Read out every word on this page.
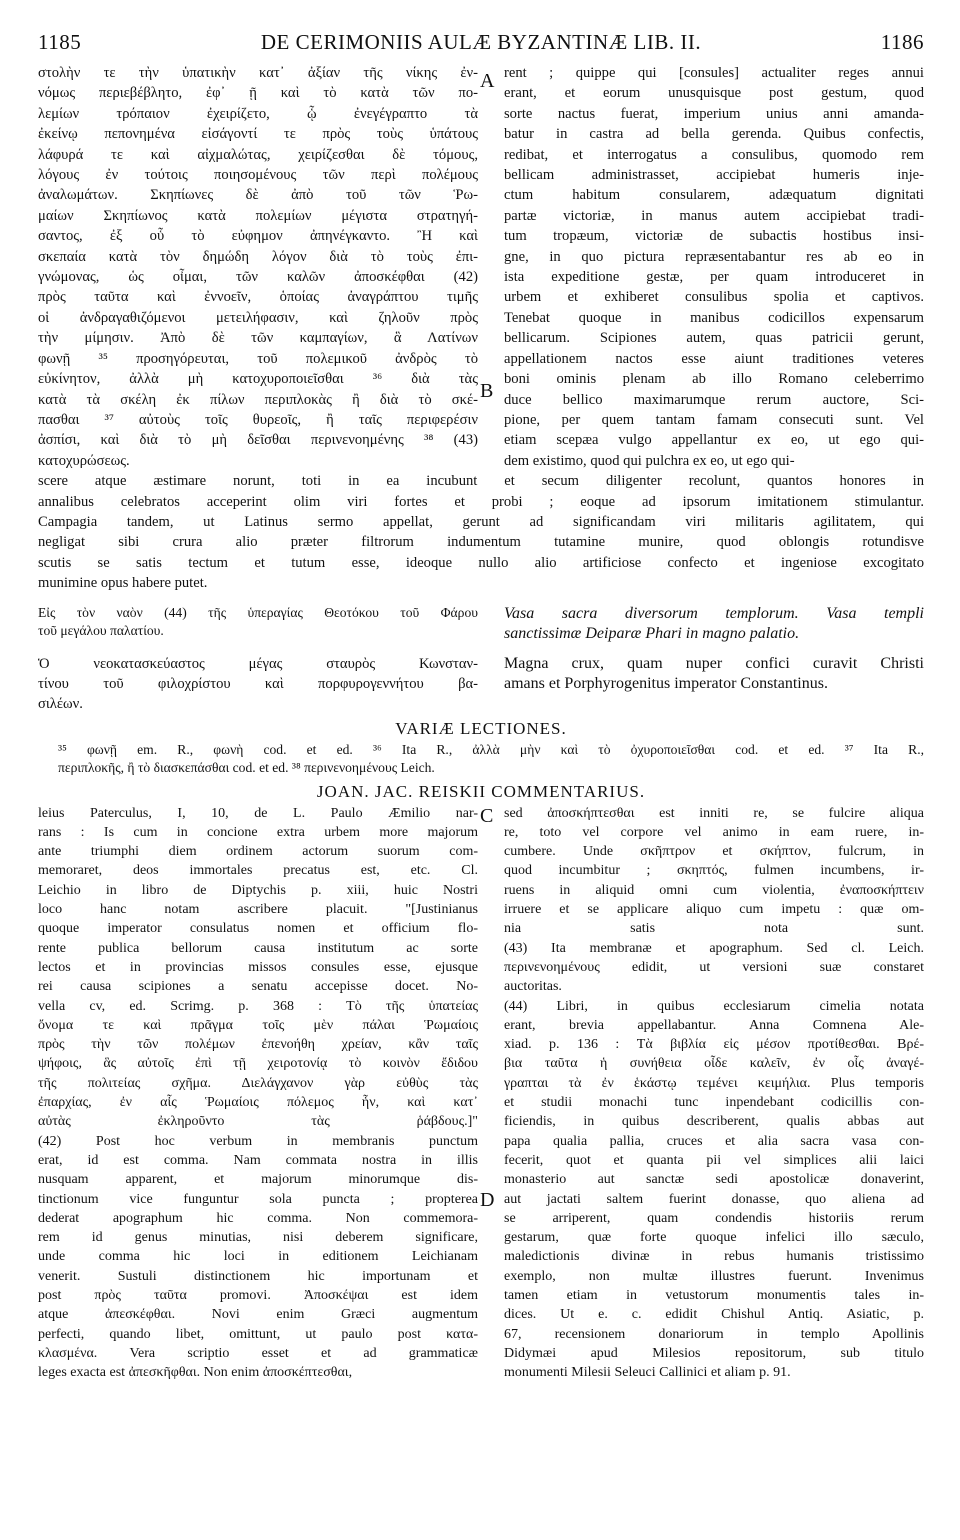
1185	DE CERIMONIIS AULÆ BYZANTINÆ LIB. II.	1186
στολὴν τε τὴν ὑπατικὴν κατ᾽ ἀξίαν τῆς νίκης ἐν-
νόμως περιεβέβλητο, ἐφ᾽ ῇ καὶ τὸ κατὰ τῶν πο-
λεμίων τρόπαιον ἐχειρίζετο, ᾧ ἐνεγέγραπτο τὰ
ἐκείνῳ πεπονημένα εἰσάγοντί τε πρὸς τοὺς ὑπάτους
λάφυρά τε καὶ αἰχμαλώτας, χειρίζεσθαι δὲ τόμους,
λόγους ἐν τούτοις ποιησομένους τῶν περὶ πολέμους
ἀναλωμάτων. Σκηπίωνες δὲ ἀπὸ τοῦ τῶν Ῥω-
μαίων Σκηπίωνος κατὰ πολεμίων μέγιστα στρατηγή-
σαντος, ἐξ οὗ τὸ εὐφημον ἀπηνέγκαντο. Ἢ καὶ
σκεπαία κατὰ τὸν δημώδη λόγον διὰ τὸ τοὺς ἐπι-
γνώμονας, ὡς οἶμαι, τῶν καλῶν ἀποσκέφθαι (42)
πρὸς ταῦτα καὶ ἐννοεῖν, ὁποίας ἀναγράπτου τιμῆς
οἱ ἀνδραγαθιζόμενοι μετειλήφασιν, καὶ ζηλοῦν πρὸς
τὴν μίμησιν. Ἀπὸ δὲ τῶν καμπαγίων, ἃ Λατίνων
φωνῇ ³⁵ προσηγόρευται, τοῦ πολεμικοῦ ἀνδρὸς τὸ
εὐκίνητον, ἀλλὰ μὴ κατοχυροποιεῖσθαι ³⁶ διὰ τὰς
κατὰ τὰ σκέλη ἐκ πίλων περιπλοκὰς ἢ διὰ τὸ σκέ-
πασθαι ³⁷ αὐτοὺς τοῖς θυρεοῖς, ἢ ταῖς περιφερέσιν
ἀσπίσι, καὶ διὰ τὸ μὴ δεῖσθαι περινενοημένης ³⁸ (43)
κατοχυρώσεως.
A
B
rent ; quippe qui [consules] actualiter reges annui
erant, et eorum unusquisque post gestum, quod
sorte nactus fuerat, imperium unius anni amanda-
batur in castra ad bella gerenda. Quibus confectis,
redibat, et interrogatus a consulibus, quomodo rem
bellicam administrasset, accipiebat humeris inje-
ctum habitum consularem, adæquatum dignitati
partæ victoriæ, in manus autem accipiebat tradi-
tum tropæum, victoriæ de subactis hostibus insi-
gne, in quo pictura repræsentabantur res ab eo in
ista expeditione gestæ, per quam introduceret in
urbem et exhiberet consulibus spolia et captivos.
Tenebat quoque in manibus codicillos expensarum
bellicarum. Scipiones autem, quas patricii gerunt,
appellationem nactos esse aiunt traditiones veteres
boni ominis plenam ab illo Romano celeberrimo
duce bellico maximarumque rerum auctore, Sci-
pione, per quem tantam famam consecuti sunt. Vel
etiam scepæa vulgo appellantur ex eo, ut ego qui-
dem existimo, quod qui pulchra ex eo, ut ego qui-
scere atque æstimare norunt, toti in ea incubunt et secum diligenter recolunt, quantos honores in
annalibus celebratos acceperint olim viri fortes et probi ; eoque ad ipsorum imitationem stimulantur.
Campagia tandem, ut Latinus sermo appellat, gerunt ad significandam viri militaris agilitatem, qui
negligat sibi crura alio præter filtrorum indumentum tutamine munire, quod oblongis rotundisve
scutis se satis tectum et tutum esse, ideoque nullo alio artificiose confecto et ingeniose excogitato
munimine opus habere putet.
Εἰς τὸν ναὸν (44) τῆς ὑπεραγίας Θεοτόκου τοῦ Φάρου
τοῦ μεγάλου παλατίου.
Vasa sacra diversorum templorum. Vasa templi
sanctissimæ Deiparæ Phari in magno palatio.
Ὁ νεοκατασκεύαστος μέγας σταυρὸς Κωνσταν-
τίνου τοῦ φιλοχρίστου καὶ πορφυρογεννήτου βα-
σιλέων.
Magna crux, quam nuper confici curavit Christi
amans et Porphyrogenitus imperator Constantinus.
VARIÆ LECTIONES.
³⁵ φωνῇ em. R., φωνὴ cod. et ed. ³⁶ Ita R., ἀλλὰ μὴν καὶ τὸ ὀχυροποιεῖσθαι cod. et ed. ³⁷ Ita R.,
περιπλοκῆς, ἢ τὸ διασκεπάσθαι cod. et ed. ³⁸ περινενοημένους Leich.
JOAN. JAC. REISKII COMMENTARIUS.
leius Paterculus, I, 10, de L. Paulo Æmilio nar-
rans : Is cum in concione extra urbem more majorum
ante triumphi diem ordinem actorum suorum com-
memoraret, deos immortales precatus est, etc. Cl.
Leichio in libro de Diptychis p. xiii, huic Nostri
loco hanc notam ascribere placuit. "[Justinianus
quoque imperator consulatus nomen et officium flo-
rente publica bellorum causa institutum ac sorte
lectos et in provincias missos consules esse, ejusque
rei causa scipiones a senatu accepisse docet. No-
vella cv, ed. Scrimg. p. 368 : Τὸ τῆς ὑπατείας
ὄνομα τε καὶ πρᾶγμα τοῖς μὲν πάλαι Ῥωμαίοις
πρὸς τὴν τῶν πολέμων ἐπενοήθη χρείαν, κἂν ταῖς
ψήφοις, ἃς αὐτοῖς ἐπὶ τῇ χειροτονίᾳ τὸ κοινὸν ἔδιδου
τῆς πολιτείας σχῆμα. Διελάγχανον γὰρ εὐθὺς τὰς
ἐπαρχίας, ἐν αἷς Ῥωμαίοις πόλεμος ἦν, καὶ κατ᾽
αὐτὰς ἐκληροῦντο τὰς ῥάβδους.]"
(42) Post hoc verbum in membranis punctum
erat, id est comma. Nam commata nostra in illis
nusquam apparent, et majorum minorumque dis-
tinctionum vice funguntur sola puncta ; propterea
dederat apographum hic comma. Non commemora-
rem id genus minutias, nisi deberem significare,
unde comma hic loci in editionem Leichianam
venerit. Sustuli distinctionem hic importunam et
post πρὸς ταῦτα promovi. Ἀποσκέψαι est idem
atque ἀπεσκέφθαι. Novi enim Græci augmentum
perfecti, quando libet, omittunt, ut paulo post κατα-
κλασμένα. Vera scriptio esset et ad grammaticæ
leges exacta est ἀπεσκῆφθαι. Non enim ἀποσκέπτεσθαι,
C
D
sed ἀποσκήπτεσθαι est inniti re, se fulcire aliqua
re, toto vel corpore vel animo in eam ruere, in-
cumbere. Unde σκῆπτρον et σκήπτον, fulcrum, in
quod incumbitur ; σκηπτός, fulmen incumbens, ir-
ruens in aliquid omni cum violentia, ἐναποσκήπτειν
irruere et se applicare aliquo cum impetu : quæ om-
nia satis nota sunt.
(43) Ita membranæ et apographum. Sed cl. Leich.
περινενοημένους edidit, ut versioni suæ constaret
auctoritas.
(44) Libri, in quibus ecclesiarum cimelia notata
erant, brevia appellabantur. Anna Comnena Ale-
xiad. p. 136 : Τὰ βιβλία εἰς μέσον προτίθεσθαι. Βρέ-
βια ταῦτα ἡ συνήθεια οἶδε καλεῖν, ἐν οἷς ἀναγέ-
γραπται τὰ ἐν ἑκάστῳ τεμένει κειμήλια. Plus temporis
et studii monachi tunc inpendebant codicillis con-
ficiendis, in quibus describerent, qualis abbas aut
papa qualia pallia, cruces et alia sacra vasa con-
fecerit, quot et quanta pii vel simplices alii laici
monasterio aut sanctæ sedi apostolicæ donaverint,
aut jactati saltem fuerint donasse, quo aliena ad
se arriperent, quam condendis historiis rerum
gestarum, quæ forte quoque infelici illo sæculo,
maledictionis divinæ in rebus humanis tristissimo
exemplo, non multæ illustres fuerunt. Invenimus
tamen etiam in vetustorum monumentis tales in-
dices. Ut e. c. edidit Chishul Antiq. Asiatic, p.
67, recensionem donariorum in templo Apollinis
Didymæi apud Milesios repositorum, sub titulo
monumenti Milesii Seleuci Callinici et aliam p. 91.
